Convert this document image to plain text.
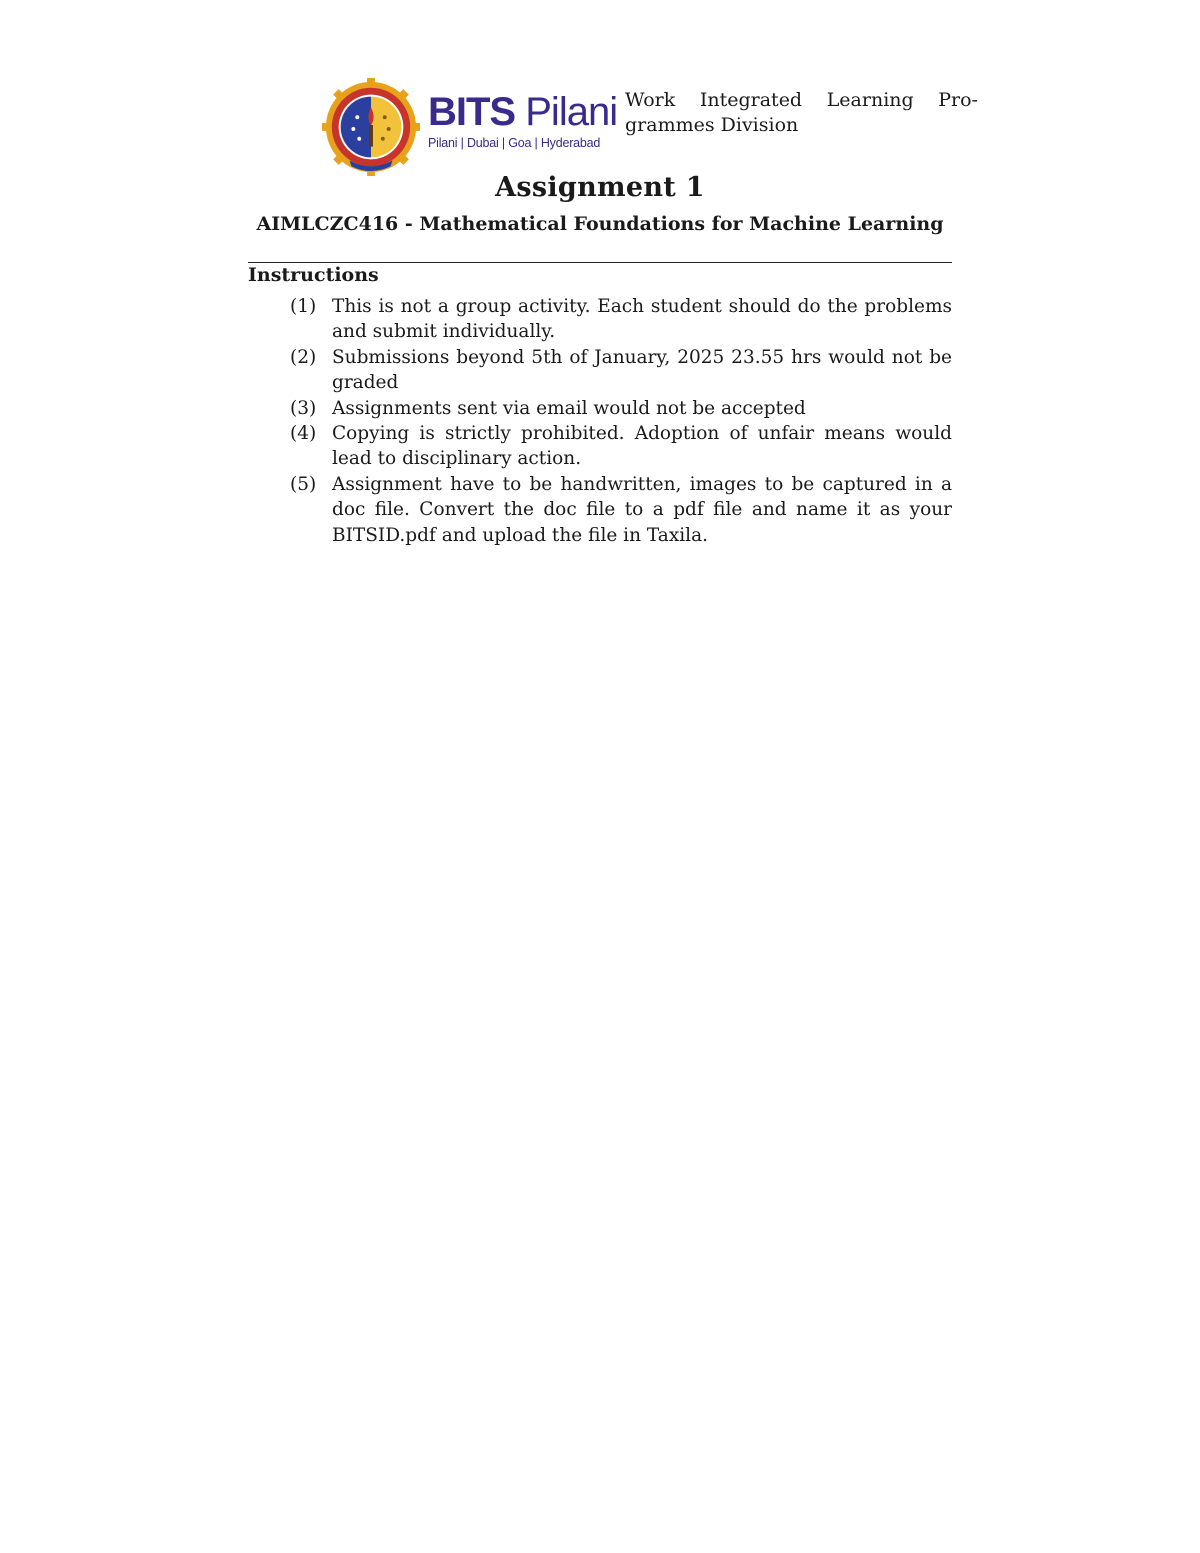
BITS Pilani
Pilani | Dubai | Goa | Hyderabad
Work Integrated Learning Pro-
grammes Division
Assignment 1
AIMLCZC416 - Mathematical Foundations for Machine Learning
Instructions
(1) This is not a group activity. Each student should do the problems and submit individually.
(2) Submissions beyond 5th of January, 2025 23.55 hrs would not be graded
(3) Assignments sent via email would not be accepted
(4) Copying is strictly prohibited. Adoption of unfair means would lead to disciplinary action.
(5) Assignment have to be handwritten, images to be captured in a doc file. Convert the doc file to a pdf file and name it as your BITSID.pdf and upload the file in Taxila.
